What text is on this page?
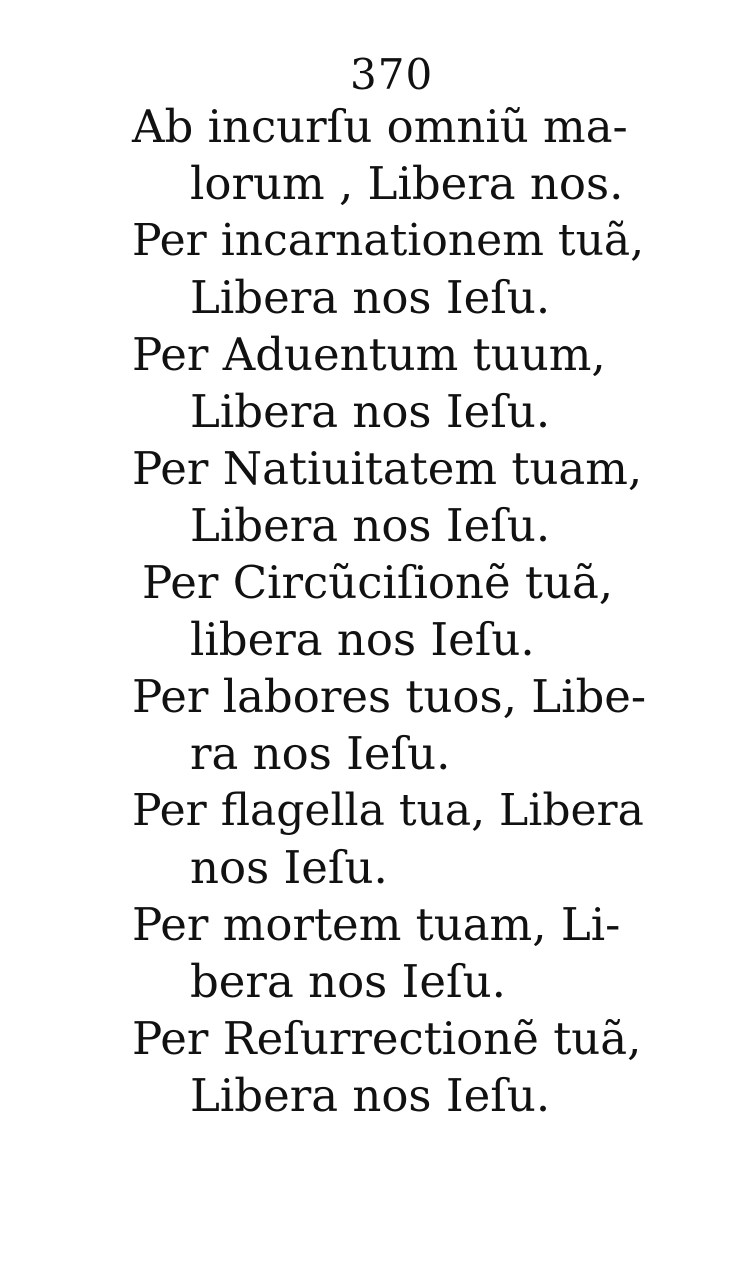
370

Ab incurſu omniũ ma-
lorum , Libera nos.

Per incarnationem tuã,
Libera nos Ieſu.

Per Aduentum tuum,
Libera nos Ieſu.

Per Natiuitatem tuam,
Libera nos Ieſu.

Per Circũciſionẽ tuã,
libera nos Ieſu.

Per labores tuos, Libe-
ra nos Ieſu.

Per flagella tua, Libera
nos Ieſu.

Per mortem tuam, Li-
bera nos Ieſu.

Per Reſurrectionẽ tuã,
Libera nos Ieſu.
